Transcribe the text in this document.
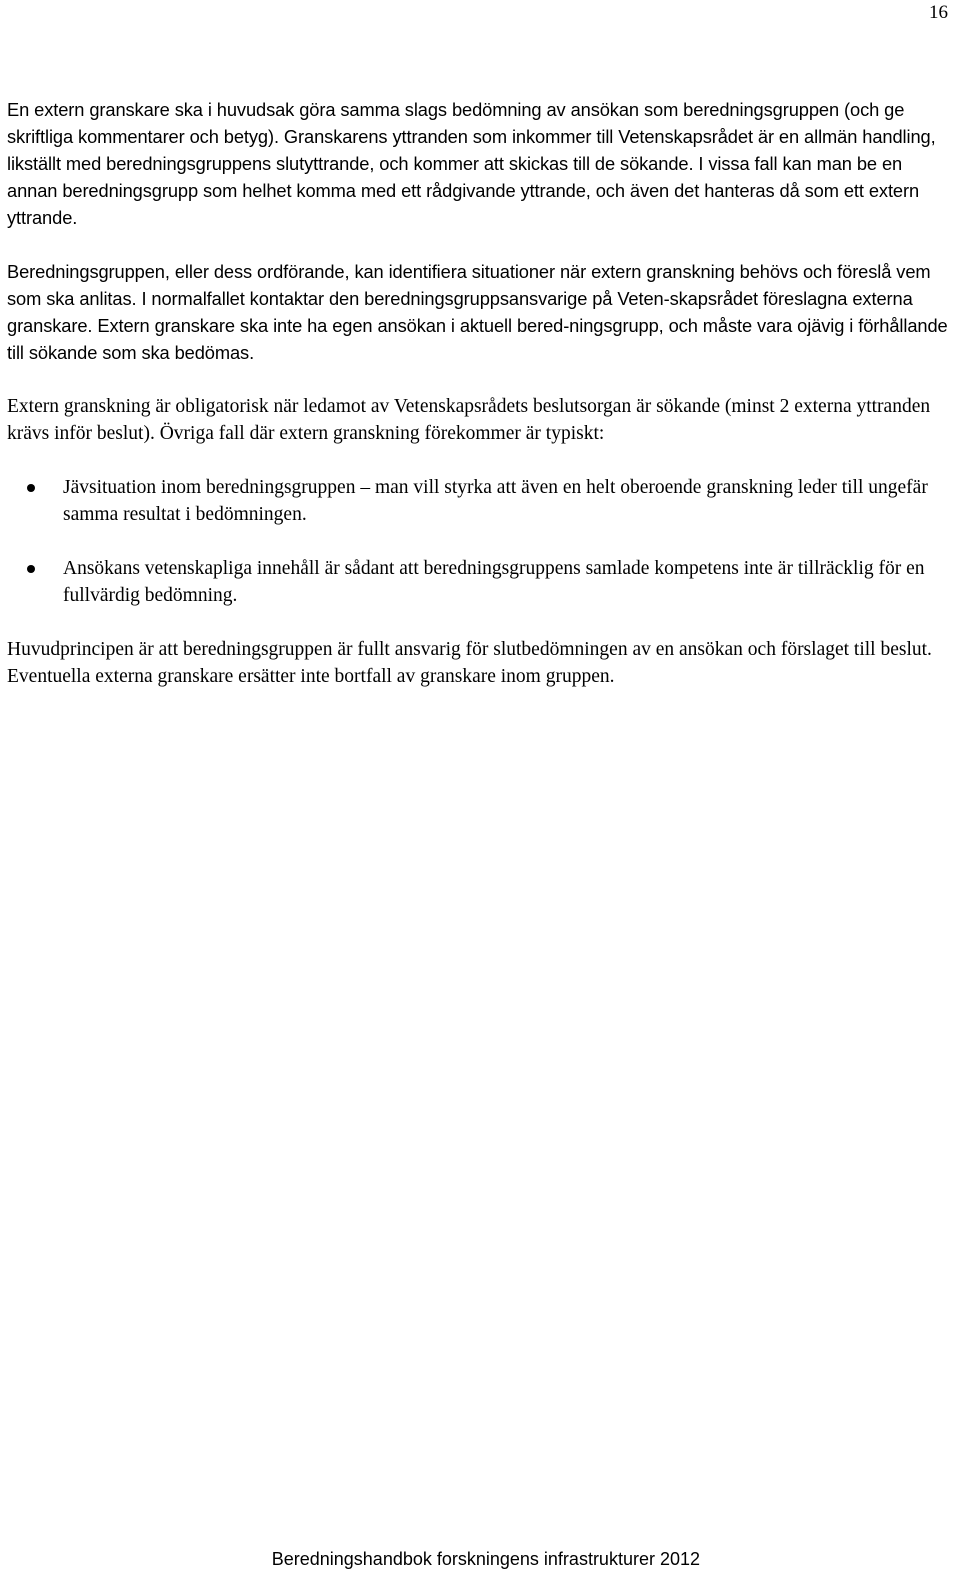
16

En extern granskare ska i huvudsak göra samma slags bedömning av ansökan som beredningsgruppen (och ge skriftliga kommentarer och betyg). Granskarens yttranden som inkommer till Vetenskapsrådet är en allmän handling, likställt med beredningsgruppens slutyttrande, och kommer att skickas till de sökande. I vissa fall kan man be en annan beredningsgrupp som helhet komma med ett rådgivande yttrande, och även det hanteras då som ett extern yttrande.

Beredningsgruppen, eller dess ordförande, kan identifiera situationer när extern granskning behövs och föreslå vem som ska anlitas. I normalfallet kontaktar den beredningsgruppsansvarige på Veten-skapsrådet föreslagna externa granskare. Extern granskare ska inte ha egen ansökan i aktuell bered-ningsgrupp, och måste vara ojävig i förhållande till sökande som ska bedömas.

Extern granskning är obligatorisk när ledamot av Vetenskapsrådets beslutsorgan är sökande (minst 2 externa yttranden krävs inför beslut). Övriga fall där extern granskning förekommer är typiskt:

Jävsituation inom beredningsgruppen – man vill styrka att även en helt oberoende granskning leder till ungefär samma resultat i bedömningen.
Ansökans vetenskapliga innehåll är sådant att beredningsgruppens samlade kompetens inte är tillräcklig för en fullvärdig bedömning.

Huvudprincipen är att beredningsgruppen är fullt ansvarig för slutbedömningen av en ansökan och förslaget till beslut. Eventuella externa granskare ersätter inte bortfall av granskare inom gruppen.

Beredningshandbok forskningens infrastrukturer 2012
